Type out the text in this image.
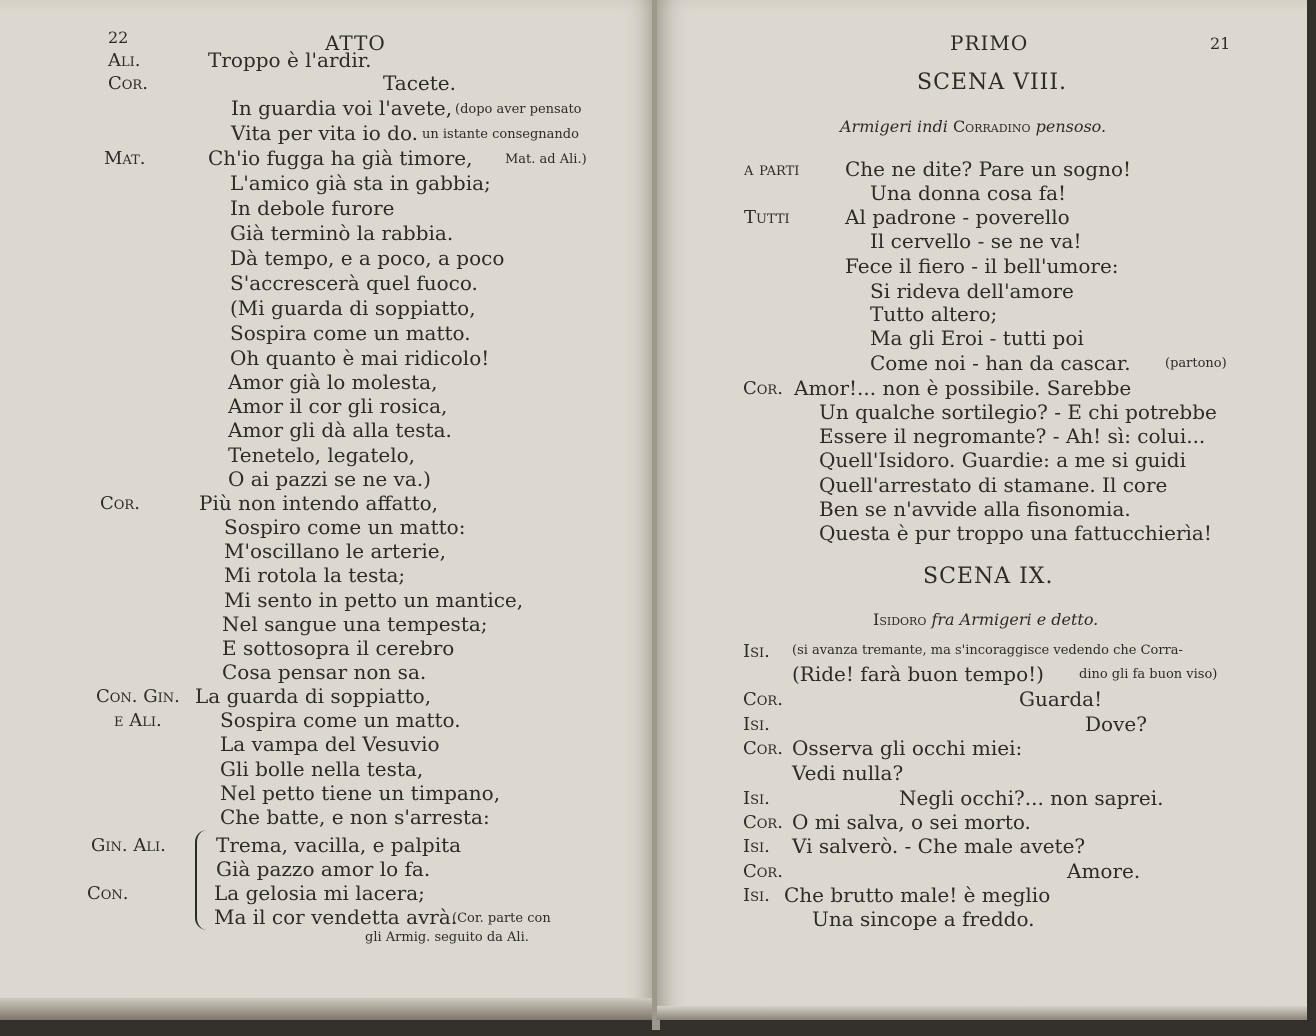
22	ATTO
gli Armig. seguito da Ali.
Ali.	Troppo è l'ardir.
Cor.	Tacete.
In guardia voi l'avete, (dopo aver pensato
Vita per vita io do. un istante consegnando
Mat.	Ch'io fugga ha già timore,	Mat. ad Ali.)
L'amico già sta in gabbia;
In debole furore
Già terminò la rabbia.
Dà tempo, e a poco, a poco
S'accrescerà quel fuoco.
(Mi guarda di soppiatto,
Sospira come un matto.
Oh quanto è mai ridicolo!
Amor già lo molesta,
Amor il cor gli rosica,
Amor gli dà alla testa.
Tenetelo, legatelo,
O ai pazzi se ne va.)
Cor.	Più non intendo affatto,
Sospiro come un matto:
M'oscillano le arterie,
Mi rotola la testa;
Mi sento in petto un mantice,
Nel sangue una tempesta;
E sottosopra il cerebro
Cosa pensar non sa.
Con. Gin. La guarda di soppiatto,
e Ali.	Sospira come un matto.
La vampa del Vesuvio
Gli bolle nella testa,
Nel petto tiene un timpano,
Che batte, e non s'arresta:
Gin. Ali.	Trema, vacilla, e palpita
Già pazzo amor lo fa.
Con.	La gelosia mi lacera;
Ma il cor vendetta avrà.
(Cor. parte con
PRIMO	21
SCENA VIII.
Armigeri indi Corradino pensoso.
SCENA IX.
Isidoro fra Armigeri e detto.
a parti Che ne dite? Pare un sogno!
Una donna cosa fa!
Tutti	Al padrone - poverello
Il cervello - se ne va!
Fece il fiero - il bell'umore:
Si rideva dell'amore
Tutto altero;
Ma gli Eroi - tutti poi
Come noi - han da cascar.	(partono)
Cor. Amor!... non è possibile. Sarebbe
Un qualche sortilegio? - E chi potrebbe
Essere il negromante? - Ah! sì: colui...
Quell'Isidoro. Guardie: a me si guidi
Quell'arrestato di stamane. Il core
Ben se n'avvide alla fisonomia.
Questa è pur troppo una fattucchierìa!
Isi. (si avanza tremante, ma s'incoraggisce vedendo che Corra-
(Ride! farà buon tempo!)	dino gli fa buon viso)
Cor.	Guarda!
Isi.	Dove?
Cor. Osserva gli occhi miei:
Vedi nulla?
Isi.	Negli occhi?... non saprei.
Cor. O mi salva, o sei morto.
Isi. Vi salverò. - Che male avete?
Cor.	Amore.
Isi. Che brutto male! è meglio
Una sincope a freddo.
